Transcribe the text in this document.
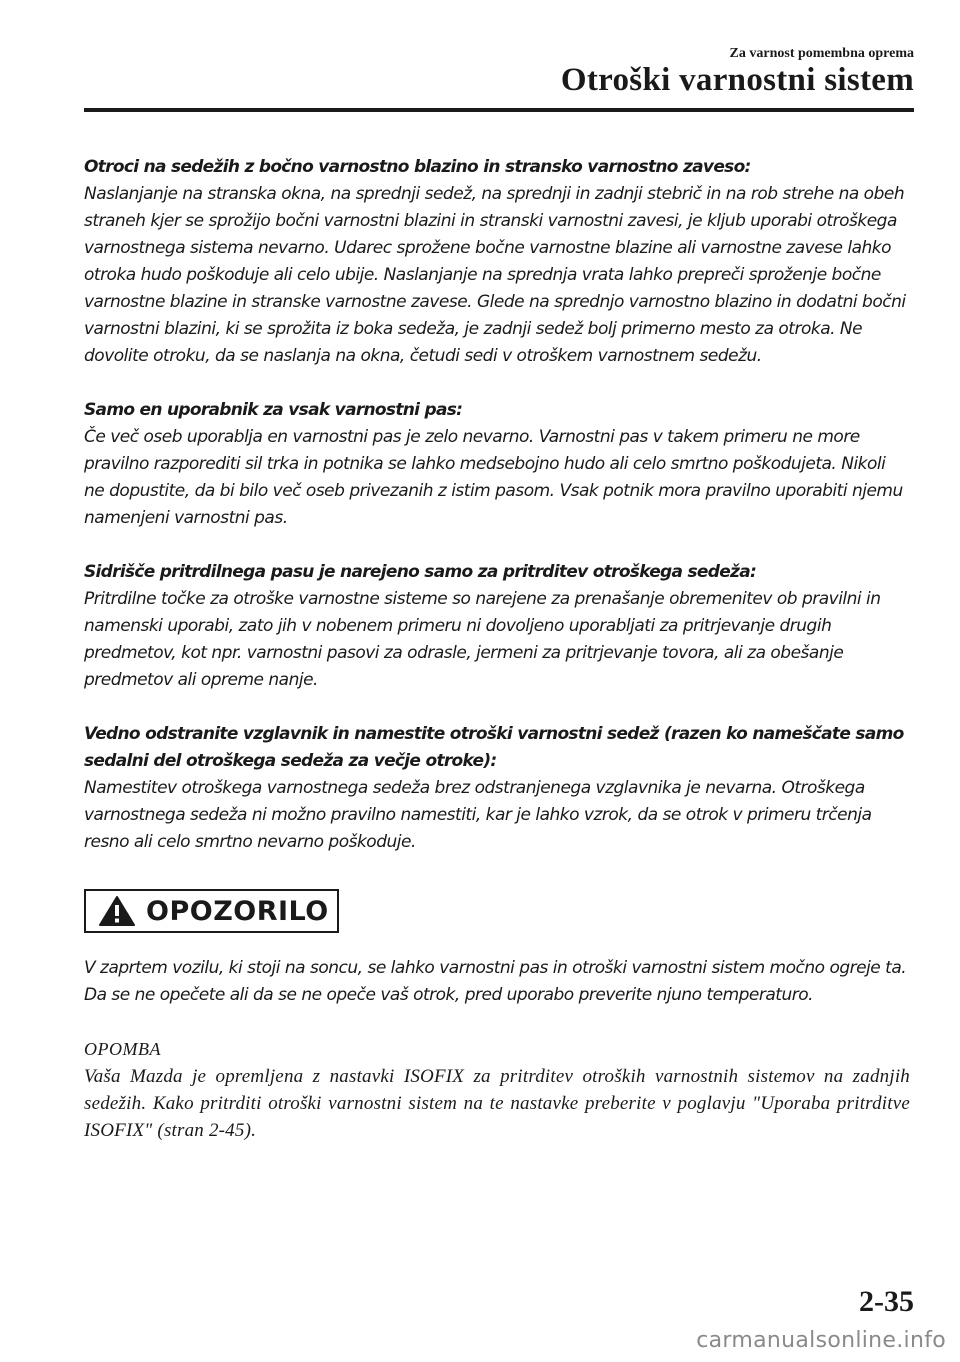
Za varnost pomembna oprema
Otroški varnostni sistem
Otroci na sedežih z bočno varnostno blazino in stransko varnostno zaveso:

Naslanjanje na stranska okna, na sprednji sedež, na sprednji in zadnji stebrič in na rob strehe na obeh straneh kjer se sprožijo bočni varnostni blazini in stranski varnostni zavesi, je kljub uporabi otroškega varnostnega sistema nevarno. Udarec sprožene bočne varnostne blazine ali varnostne zavese lahko otroka hudo poškoduje ali celo ubije. Naslanjanje na sprednja vrata lahko prepreči sproženje bočne varnostne blazine in stranske varnostne zavese. Glede na sprednjo varnostno blazino in dodatni bočni varnostni blazini, ki se sprožita iz boka sedeža, je zadnji sedež bolj primerno mesto za otroka. Ne dovolite otroku, da se naslanja na okna, četudi sedi v otroškem varnostnem sedežu.

Samo en uporabnik za vsak varnostni pas:

Če več oseb uporablja en varnostni pas je zelo nevarno. Varnostni pas v takem primeru ne more pravilno razporediti sil trka in potnika se lahko medsebojno hudo ali celo smrtno poškodujeta. Nikoli ne dopustite, da bi bilo več oseb privezanih z istim pasom. Vsak potnik mora pravilno uporabiti njemu namenjeni varnostni pas.

Sidrišče pritrdilnega pasu je narejeno samo za pritrditev otroškega sedeža:

Pritrdilne točke za otroške varnostne sisteme so narejene za prenašanje obremenitev ob pravilni in namenski uporabi, zato jih v nobenem primeru ni dovoljeno uporabljati za pritrjevanje drugih predmetov, kot npr. varnostni pasovi za odrasle, jermeni za pritrjevanje tovora, ali za obešanje predmetov ali opreme nanje.

Vedno odstranite vzglavnik in namestite otroški varnostni sedež (razen ko nameščate samo sedalni del otroškega sedeža za večje otroke):

Namestitev otroškega varnostnega sedeža brez odstranjenega vzglavnika je nevarna. Otroškega varnostnega sedeža ni možno pravilno namestiti, kar je lahko vzrok, da se otrok v primeru trčenja resno ali celo smrtno nevarno poškoduje.

OPOZORILO

V zaprtem vozilu, ki stoji na soncu, se lahko varnostni pas in otroški varnostni sistem močno ogreje ta. Da se ne opečete ali da se ne opeče vaš otrok, pred uporabo preverite njuno temperaturo.

OPOMBA

Vaša Mazda je opremljena z nastavki ISOFIX za pritrditev otroških varnostnih sistemov na zadnjih sedežih. Kako pritrditi otroški varnostni sistem na te nastavke preberite v poglavju "Uporaba pritrditve ISOFIX" (stran 2-45).

2-35
carmanualsonline.info
